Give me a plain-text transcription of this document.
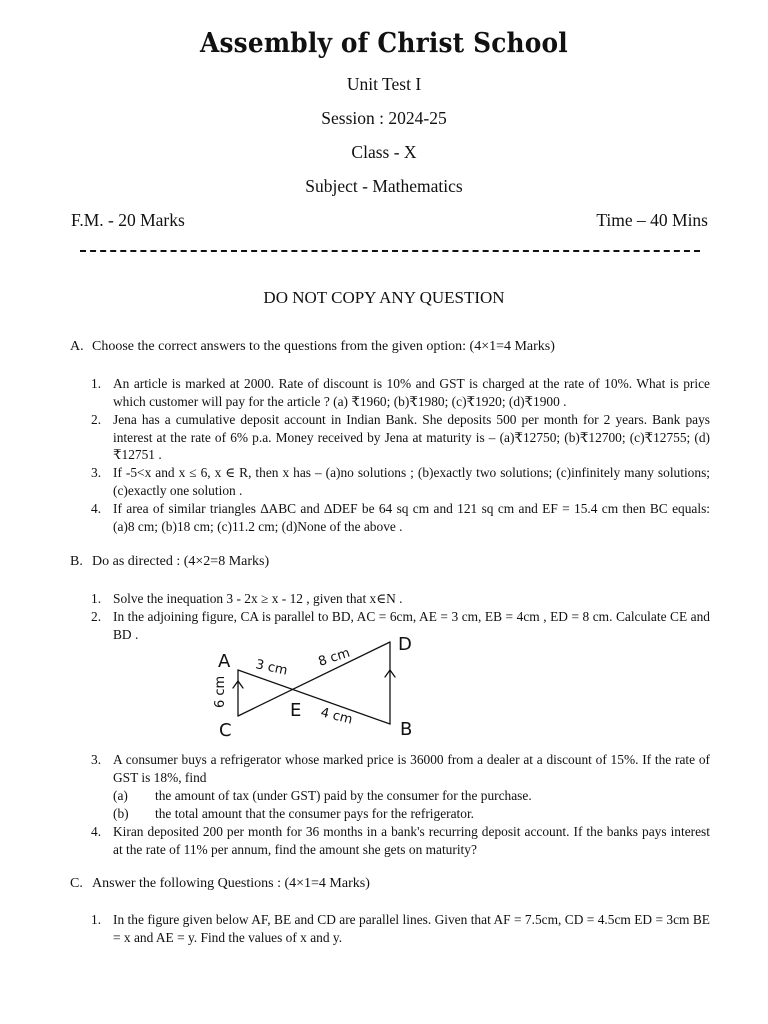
Assembly of Christ School
Unit Test I
Session : 2024-25
Class - X
Subject - Mathematics
F.M. - 20 Marks	Time – 40 Mins
DO NOT COPY ANY QUESTION
A. Choose the correct answers to the questions from the given option: (4×1=4 Marks)
1. An article is marked at 2000. Rate of discount is 10% and GST is charged at the rate of 10%. What is price which customer will pay for the article ? (a) ₹1960; (b)₹1980; (c)₹1920; (d)₹1900 .
2. Jena has a cumulative deposit account in Indian Bank. She deposits 500 per month for 2 years. Bank pays interest at the rate of 6% p.a. Money received by Jena at maturity is – (a)₹12750; (b)₹12700; (c)₹12755; (d)₹12751 .
3. If -5<x and x ≤ 6, x ∈ R, then x has – (a)no solutions ; (b)exactly two solutions; (c)infinitely many solutions; (c)exactly one solution .
4. If area of similar triangles ∆ABC and ∆DEF be 64 sq cm and 121 sq cm and EF = 15.4 cm then BC equals: (a)8 cm; (b)18 cm; (c)11.2 cm; (d)None of the above .
B. Do as directed : (4×2=8 Marks)
1. Solve the inequation 3 - 2x ≥ x - 12 , given that x∈N .
2. In the adjoining figure, CA is parallel to BD, AC = 6cm, AE = 3 cm, EB = 4cm , ED = 8 cm. Calculate CE and BD .
A
D
C	B
E
3 cm 8 cm
4 cm
6 cm
3. A consumer buys a refrigerator whose marked price is 36000 from a dealer at a discount of 15%. If the rate of GST is 18%, find
(a) the amount of tax (under GST) paid by the consumer for the purchase.
(b) the total amount that the consumer pays for the refrigerator.
4. Kiran deposited 200 per month for 36 months in a bank's recurring deposit account. If the banks pays interest at the rate of 11% per annum, find the amount she gets on maturity?
C. Answer the following Questions : (4×1=4 Marks)
1. In the figure given below AF, BE and CD are parallel lines. Given that AF = 7.5cm, CD = 4.5cm ED = 3cm BE = x and AE = y. Find the values of x and y.
